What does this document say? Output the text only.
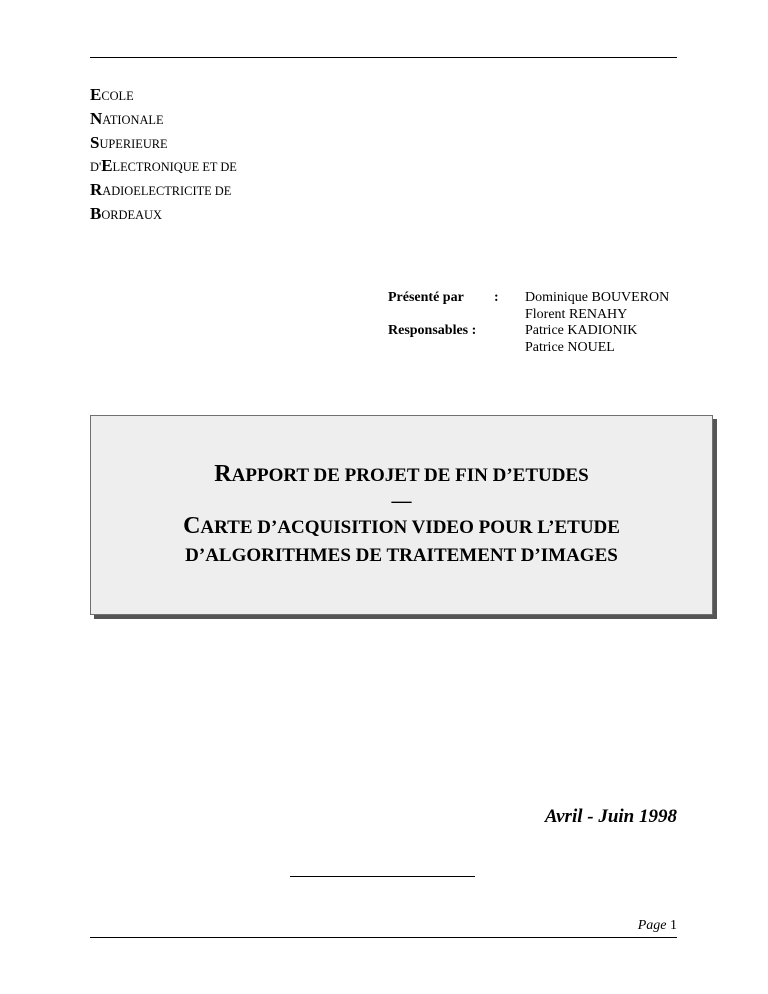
ECOLE
NATIONALE
SUPERIEURE
D'ELECTRONIQUE ET DE
RADIOELECTRICITE DE
BORDEAUX
Présenté par : Dominique BOUVERON
Florent RENAHY
Responsables :	Patrice KADIONIK
Patrice NOUEL
RAPPORT DE PROJET DE FIN D’ETUDES
—
CARTE D’ACQUISITION VIDEO POUR L’ETUDE
D’ALGORITHMES DE TRAITEMENT D’IMAGES
Avril - Juin 1998
Page 1
